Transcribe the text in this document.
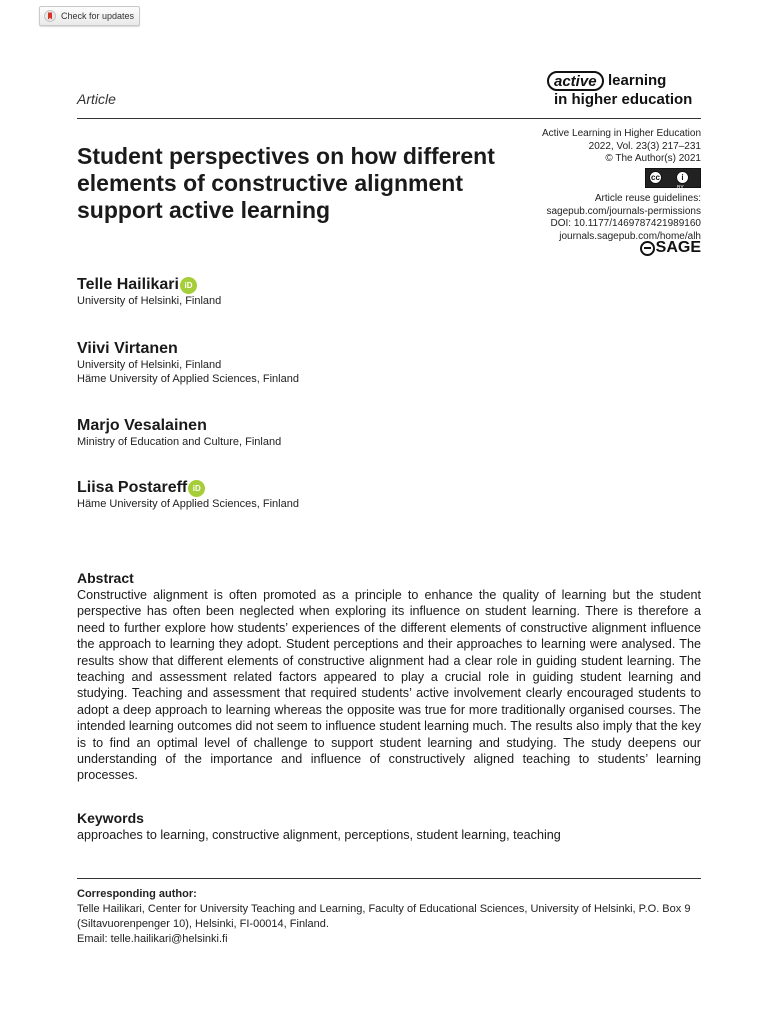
Check for updates
Article
active learning
in higher education
Student perspectives on how different elements of constructive alignment support active learning
Active Learning in Higher Education
2022, Vol. 23(3) 217–231
© The Author(s) 2021
cc	i
BY
Article reuse guidelines:
sagepub.com/journals-permissions
DOI: 10.1177/1469787421989160
journals.sagepub.com/home/alh
SAGE
Telle Hailikari iD
University of Helsinki, Finland
Viivi Virtanen
University of Helsinki, Finland
Häme University of Applied Sciences, Finland
Marjo Vesalainen
Ministry of Education and Culture, Finland
Liisa Postareff iD
Häme University of Applied Sciences, Finland
Abstract
Constructive alignment is often promoted as a principle to enhance the quality of learning but the student perspective has often been neglected when exploring its influence on student learning. There is therefore a need to further explore how students’ experiences of the different elements of constructive alignment influence the approach to learning they adopt. Student perceptions and their approaches to learning were analysed. The results show that different elements of constructive alignment had a clear role in guiding student learning. The teaching and assessment related factors appeared to play a crucial role in guiding student learning and studying. Teaching and assessment that required students’ active involvement clearly encouraged students to adopt a deep approach to learning whereas the opposite was true for more traditionally organised courses. The intended learning outcomes did not seem to influence student learning much. The results also imply that the key is to find an optimal level of challenge to support student learning and studying. The study deepens our understanding of the importance and influence of constructively aligned teaching to students’ learning processes.
Keywords
approaches to learning, constructive alignment, perceptions, student learning, teaching
Corresponding author:
Telle Hailikari, Center for University Teaching and Learning, Faculty of Educational Sciences, University of Helsinki, P.O. Box 9 (Siltavuorenpenger 10), Helsinki, FI-00014, Finland.
Email: telle.hailikari@helsinki.fi
